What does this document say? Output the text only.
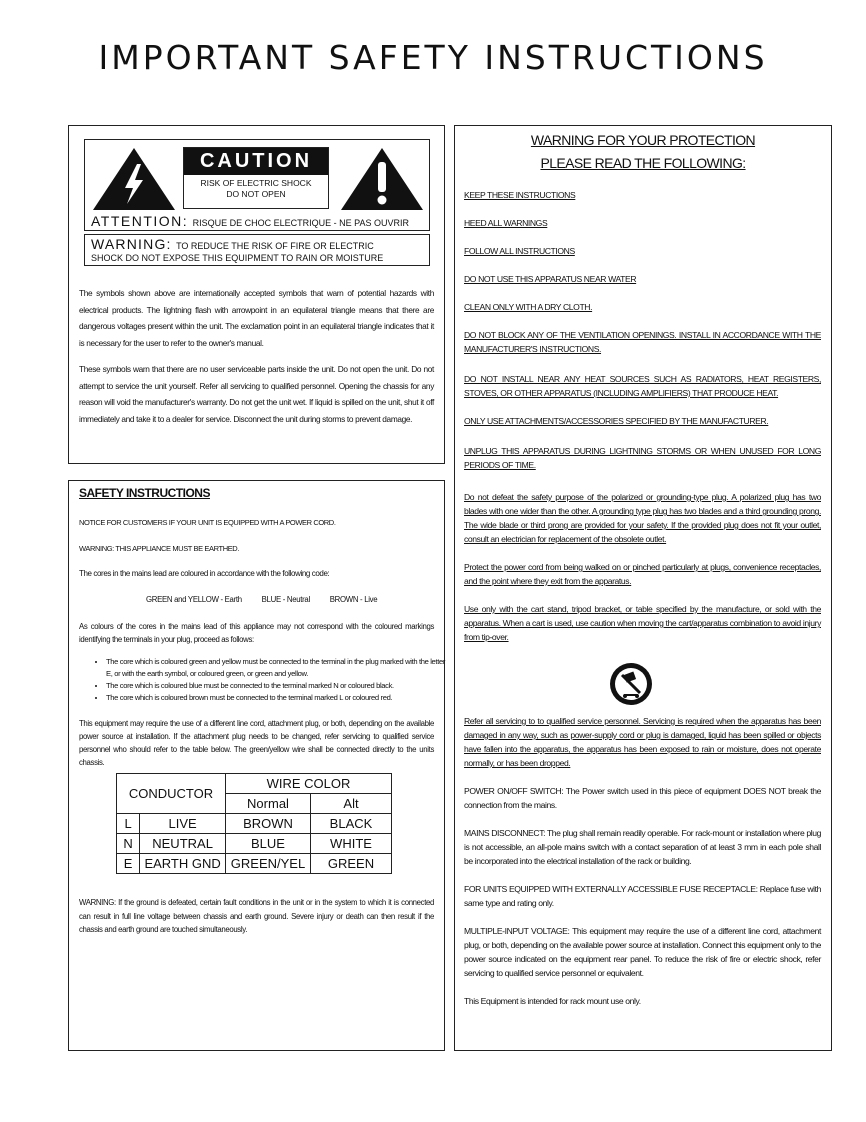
IMPORTANT SAFETY INSTRUCTIONS
CAUTION
RISK OF ELECTRIC SHOCK
DO NOT OPEN
ATTENTION: RISQUE DE CHOC ELECTRIQUE - NE PAS OUVRIR
WARNING: TO REDUCE THE RISK OF FIRE OR ELECTRIC
SHOCK DO NOT EXPOSE THIS EQUIPMENT TO RAIN OR MOISTURE

The symbols shown above are internationally accepted symbols that warn of potential hazards with electrical products. The lightning flash with arrowpoint in an equilateral triangle means that there are dangerous voltages present within the unit. The exclamation point in an equilateral triangle indicates that it is necessary for the user to refer to the owner's manual.

These symbols warn that there are no user serviceable parts inside the unit. Do not open the unit. Do not attempt to service the unit yourself. Refer all servicing to qualified personnel. Opening the chassis for any reason will void the manufacturer's warranty. Do not get the unit wet. If liquid is spilled on the unit, shut it off immediately and take it to a dealer for service. Disconnect the unit during storms to prevent damage.

SAFETY INSTRUCTIONS
NOTICE FOR CUSTOMERS IF YOUR UNIT IS EQUIPPED WITH A POWER CORD.
WARNING: THIS APPLIANCE MUST BE EARTHED.
The cores in the mains lead are coloured in accordance with the following code:
GREEN and YELLOW - Earth	BLUE - Neutral	BROWN - Live
As colours of the cores in the mains lead of this appliance may not correspond with the coloured markings identifying the terminals in your plug, proceed as follows:
• The core which is coloured green and yellow must be connected to the terminal in the plug marked with the letter E, or with the earth symbol, or coloured green, or green and yellow.
• The core which is coloured blue must be connected to the terminal marked N or coloured black.
• The core which is coloured brown must be connected to the terminal marked L or coloured red.
This equipment may require the use of a different line cord, attachment plug, or both, depending on the available power source at installation. If the attachment plug needs to be changed, refer servicing to qualified service personnel who should refer to the table below. The green/yellow wire shall be connected directly to the units chassis.
CONDUCTOR		WIRE COLOR	
		Normal	Alt
L	LIVE	BROWN	BLACK
N	NEUTRAL	BLUE	WHITE
E	EARTH GND	GREEN/YEL	GREEN
WARNING: If the ground is defeated, certain fault conditions in the unit or in the system to which it is connected can result in full line voltage between chassis and earth ground. Severe injury or death can then result if the chassis and earth ground are touched simultaneously.
WARNING FOR YOUR PROTECTION
PLEASE READ THE FOLLOWING:

KEEP THESE INSTRUCTIONS

HEED ALL WARNINGS

FOLLOW ALL INSTRUCTIONS

DO NOT USE THIS APPARATUS NEAR WATER

CLEAN ONLY WITH A DRY CLOTH.

DO NOT BLOCK ANY OF THE VENTILATION OPENINGS. INSTALL IN ACCORDANCE WITH THE MANUFACTURER'S INSTRUCTIONS.

DO NOT INSTALL NEAR ANY HEAT SOURCES SUCH AS RADIATORS, HEAT REGISTERS, STOVES, OR OTHER APPARATUS (INCLUDING AMPLIFIERS) THAT PRODUCE HEAT.

ONLY USE ATTACHMENTS/ACCESSORIES SPECIFIED BY THE MANUFACTURER.

UNPLUG THIS APPARATUS DURING LIGHTNING STORMS OR WHEN UNUSED FOR LONG PERIODS OF TIME.

Do not defeat the safety purpose of the polarized or grounding-type plug. A polarized plug has two blades with one wider than the other. A grounding type plug has two blades and a third grounding prong. The wide blade or third prong are provided for your safety. If the provided plug does not fit your outlet, consult an electrician for replacement of the obsolete outlet.

Protect the power cord from being walked on or pinched particularly at plugs, convenience receptacles, and the point where they exit from the apparatus.

Use only with the cart stand, tripod bracket, or table specified by the manufacture, or sold with the apparatus. When a cart is used, use caution when moving the cart/apparatus combination to avoid injury from tip-over.

Refer all servicing to to qualified service personnel. Servicing is required when the apparatus has been damaged in any way, such as power-supply cord or plug is damaged, liquid has been spilled or objects have fallen into the apparatus, the apparatus has been exposed to rain or moisture, does not operate normally, or has been dropped.

POWER ON/OFF SWITCH: The Power switch used in this piece of equipment DOES NOT break the connection from the mains.

MAINS DISCONNECT: The plug shall remain readily operable. For rack-mount or installation where plug is not accessible, an all-pole mains switch with a contact separation of at least 3 mm in each pole shall be incorporated into the electrical installation of the rack or building.

FOR UNITS EQUIPPED WITH EXTERNALLY ACCESSIBLE FUSE RECEPTACLE: Replace fuse with same type and rating only.

MULTIPLE-INPUT VOLTAGE: This equipment may require the use of a different line cord, attachment plug, or both, depending on the available power source at installation. Connect this equipment only to the power source indicated on the equipment rear panel. To reduce the risk of fire or electric shock, refer servicing to qualified service personnel or equivalent.

This Equipment is intended for rack mount use only.
